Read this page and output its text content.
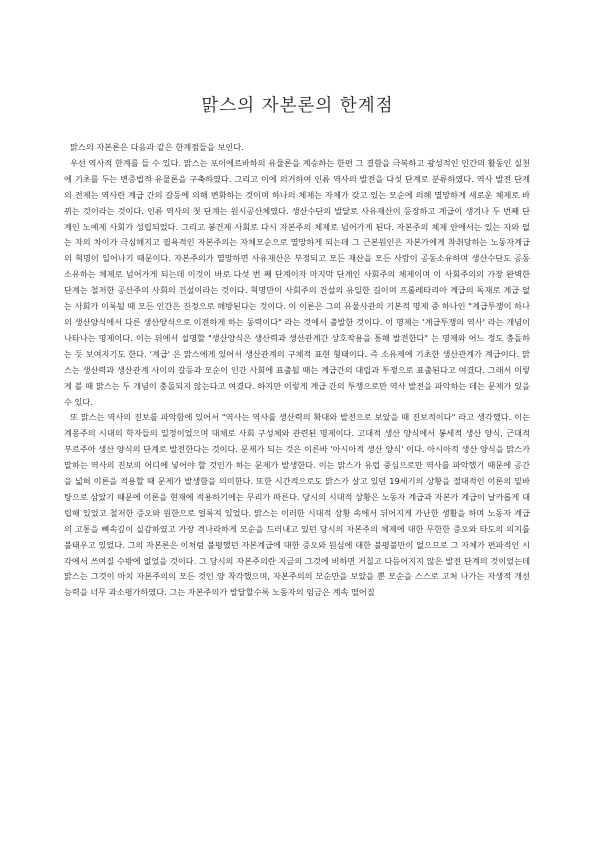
맑스의 자본론의 한계점

맑스의 자본론은 다음과 같은 한계점들을 보인다.

우선 역사적 한계를 들 수 있다. 맑스는 포이에르바하의 유물론을 계승하는 한편 그 결함을 극복하고 광성적인 인간의 활동인 실천에 기초를 두는 변증법적 유물론을 구축하였다. 그리고 이에 의거하여 인류 역사의 발전을 다섯 단계로 분류하였다. 역사 발전 단계의 전제는 역사란 계급 간의 갈등에 의해 변화하는 것이며 하나의 체제는 자체가 갖고 있는 모순에 의해 멸망하게 새로운 체제로 바뀌는 것이라는 것이다. 인류 역사의 첫 단계는 원시공산체였다. 생산수단의 발달로 사유재산이 등장하고 계급이 생겨나 두 번째 단계인 노예제 사회가 성립되었다. 그리고 봉건제 사회로 다시 자본주의 체제로 넘어가게 된다. 자본주의 체제 안에서는 있는 자와 없는 자의 차이가 극심해지고 필욕적인 자본주의는 자체모순으로 멸망하게 되는데 그 근본원인은 자본가에게 착취당하는 노동자계급의 혁명이 일어나기 때문이다. 자본주의가 멸망하면 사유재산은 부정되고 모든 재산을 모든 사람이 공동소유하며 생산수단도 공동 소유하는 체제로 넘어가게 되는데 이것이 바로 다섯 번 째 단계이자 마지막 단계인 사회주의 체제이며 이 사회주의의 가장 완벽한 단계는 철저한 공산주의 사회의 건설이라는 것이다. 혁명만이 사회주의 건설의 유일한 길이며 프롤레타리아 계급의 독재로 계급 없는 사회가 이룩될 때 모든 인간은 진정으로 해방된다는 것이다. 이 이론은 그의 유물사관의 기본적 명제 중 하나인 "계급투쟁이 하나의 생산양식에서 다른 생산양식으로 이전하게 하는 동력이다" 라는 것에서 출발한 것이다. 이 명제는 '계급투쟁의 역사' 라는 개념이 나타나는 명제이다. 이는 뒤에서 설명할 "생산양식은 생산력과 생산관계간 상호작용을 통해 발전한다" 는 명제와 어느 정도 충돌하는 듯 보여지기도 한다. '계급' 은 맑스에게 있어서 생산관계의 구체적 표현 형태이다. 즉 소유제에 기초한 생산관계가 계급이다. 맑스는 생산력과 생산관계 사이의 갈등과 모순이 인간 사회에 표출될 때는 계급간의 대립과 투쟁으로 표출된다고 여겼다. 그래서 이렇게 볼 때 맑스는 두 개념이 충돌되지 않는다고 여겼다. 하지만 이렇게 계급 간의 투쟁으로만 역사 발전을 파악하는 데는 문제가 있을 수 있다.

또 맑스는 역사의 진보를 파악함에 있어서 "역사는 역사를 생산력의 확대와 발전으로 보았을 때 진보적이다" 라고 생각했다. 이는 계몽주의 시대의 학자들의 일정이었으며 대체로 사회 구성체와 관련된 명제이다. 고대적 생산 양식에서 봉세적 생산 양식, 근대적 부르주아 생산 양식의 단계로 발전한다는 것이다. 문제가 되는 것은 이른바 '아시아적 생산 양식' 이다. 아시아적 생산 양식을 맑스가 말하는 역사의 진보의 어디에 넣어야 할 것인가 하는 문제가 발생한다. 이는 맑스가 유럽 중심으로만 역사를 파악했기 때문에 공간을 넓혀 이론을 적용할 때 문제가 발생함을 의미한다. 또한 시간적으로도 맑스가 살고 있던 19세기의 상황을 절대적인 이론의 밑바탕으로 삼았기 때문에 이론을 현재에 적용하기에는 무리가 따른다. 당시의 시대적 상황은 노동자 계급과 자본가 계급이 날카롭게 대립해 있었고 철저한 증오와 원한으로 얼룩져 있었다. 맑스는 이러한 시대적 상황 속에서 뒤어지게 가난한 생활을 하며 노동자 계급의 고통을 뼈속깊이 실감하였고 가장 격나라하게 모순을 드러내고 있던 당시의 자본주의 체제에 대한 무한한 증오와 타도의 의지를 불태우고 있었다. 그의 자본론은 이처럼 불평했던 자본계급에 대한 증오와 원심에 대한 불평불만이 없으므로 그 자체가 편파적인 시각에서 쓰여질 수밖에 없었을 것이다. 그 당시의 자본주의란 지금의 그것에 비하면 거칠고 다듬어지지 않은 발전 단계의 것이었는데 맑스는 그것이 마치 자본주의의 모든 것인 양 착각했으며, 자본주의의 모순만을 보았을 뿐 모순을 스스로 고쳐 나가는 자생적 개선 능력을 너무 과소평가하였다. 그는 자본주의가 발달할수록 노동자의 임금은 계속 떨어질
